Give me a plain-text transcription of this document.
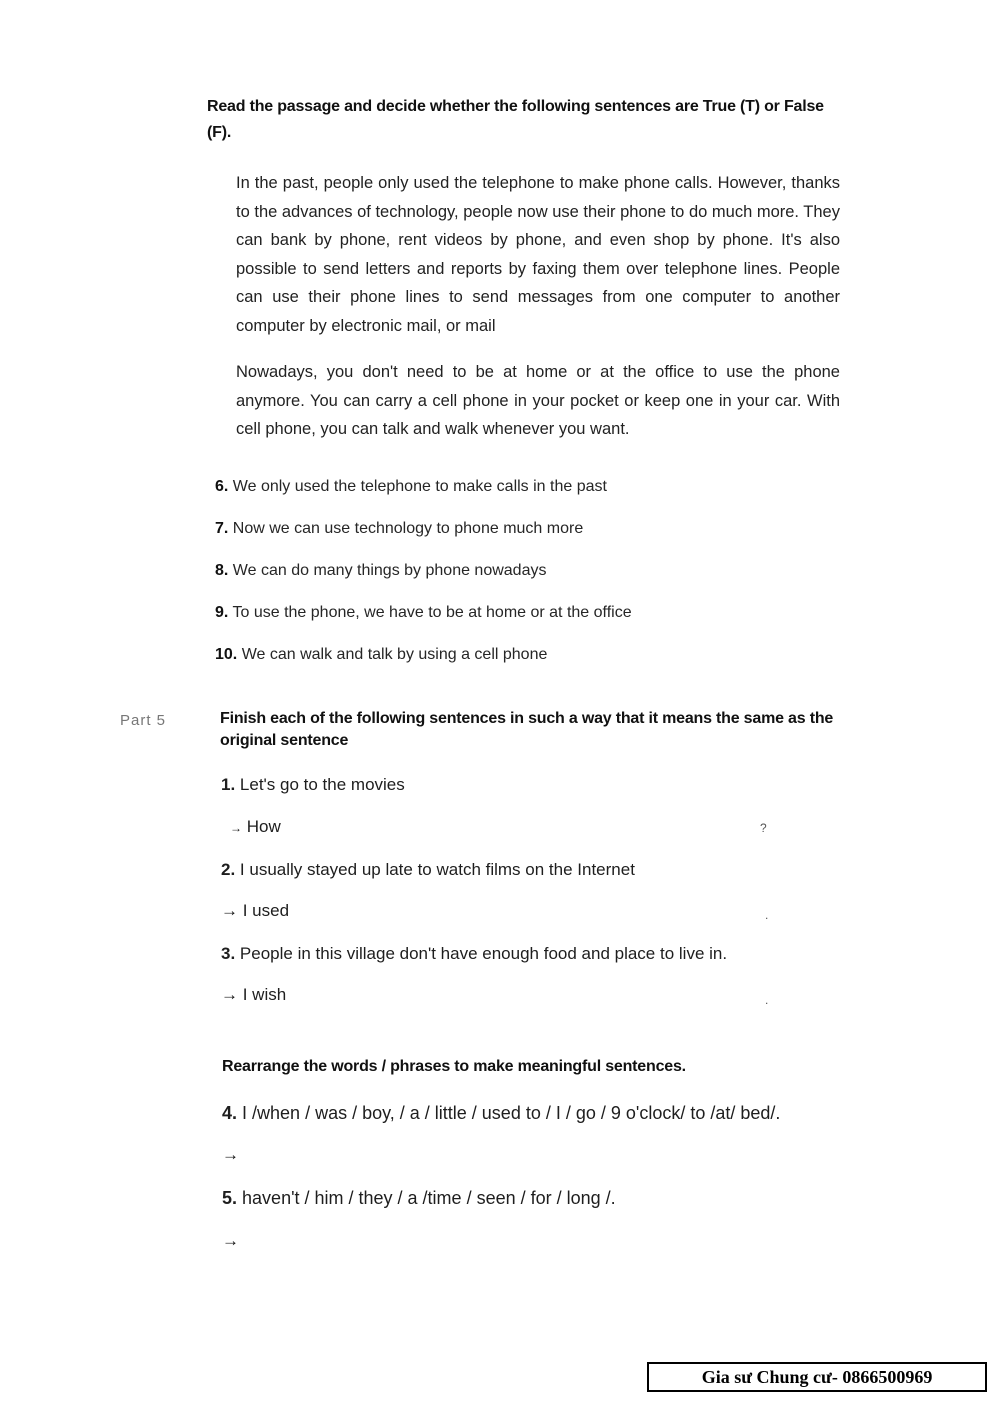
Read the passage and decide whether the following sentences are True (T) or False (F).
In the past, people only used the telephone to make phone calls. However, thanks to the advances of technology, people now use their phone to do much more. They can bank by phone, rent videos by phone, and even shop by phone. It's also possible to send letters and reports by faxing them over telephone lines. People can use their phone lines to send messages from one computer to another computer by electronic mail, or mail
Nowadays, you don't need to be at home or at the office to use the phone anymore. You can carry a cell phone in your pocket or keep one in your car. With cell phone, you can talk and walk whenever you want.
6. We only used the telephone to make calls in the past
7. Now we can use technology to phone much more
8. We can do many things by phone nowadays
9. To use the phone, we have to be at home or at the office
10. We can walk and talk by using a cell phone
Part 5	Finish each of the following sentences in such a way that it means the same as the original sentence
1. Let's go to the movies
→ How	?
2. I usually stayed up late to watch films on the Internet
→ I used	.
3. People in this village don't have enough food and place to live in.
→ I wish	.
Rearrange the words / phrases to make meaningful sentences.
4. I /when / was / boy, / a / little / used to / I / go / 9 o'clock/ to /at/ bed/.
→
5. haven't / him / they / a /time / seen / for / long /.
→
Gia sư Chung cư- 0866500969
